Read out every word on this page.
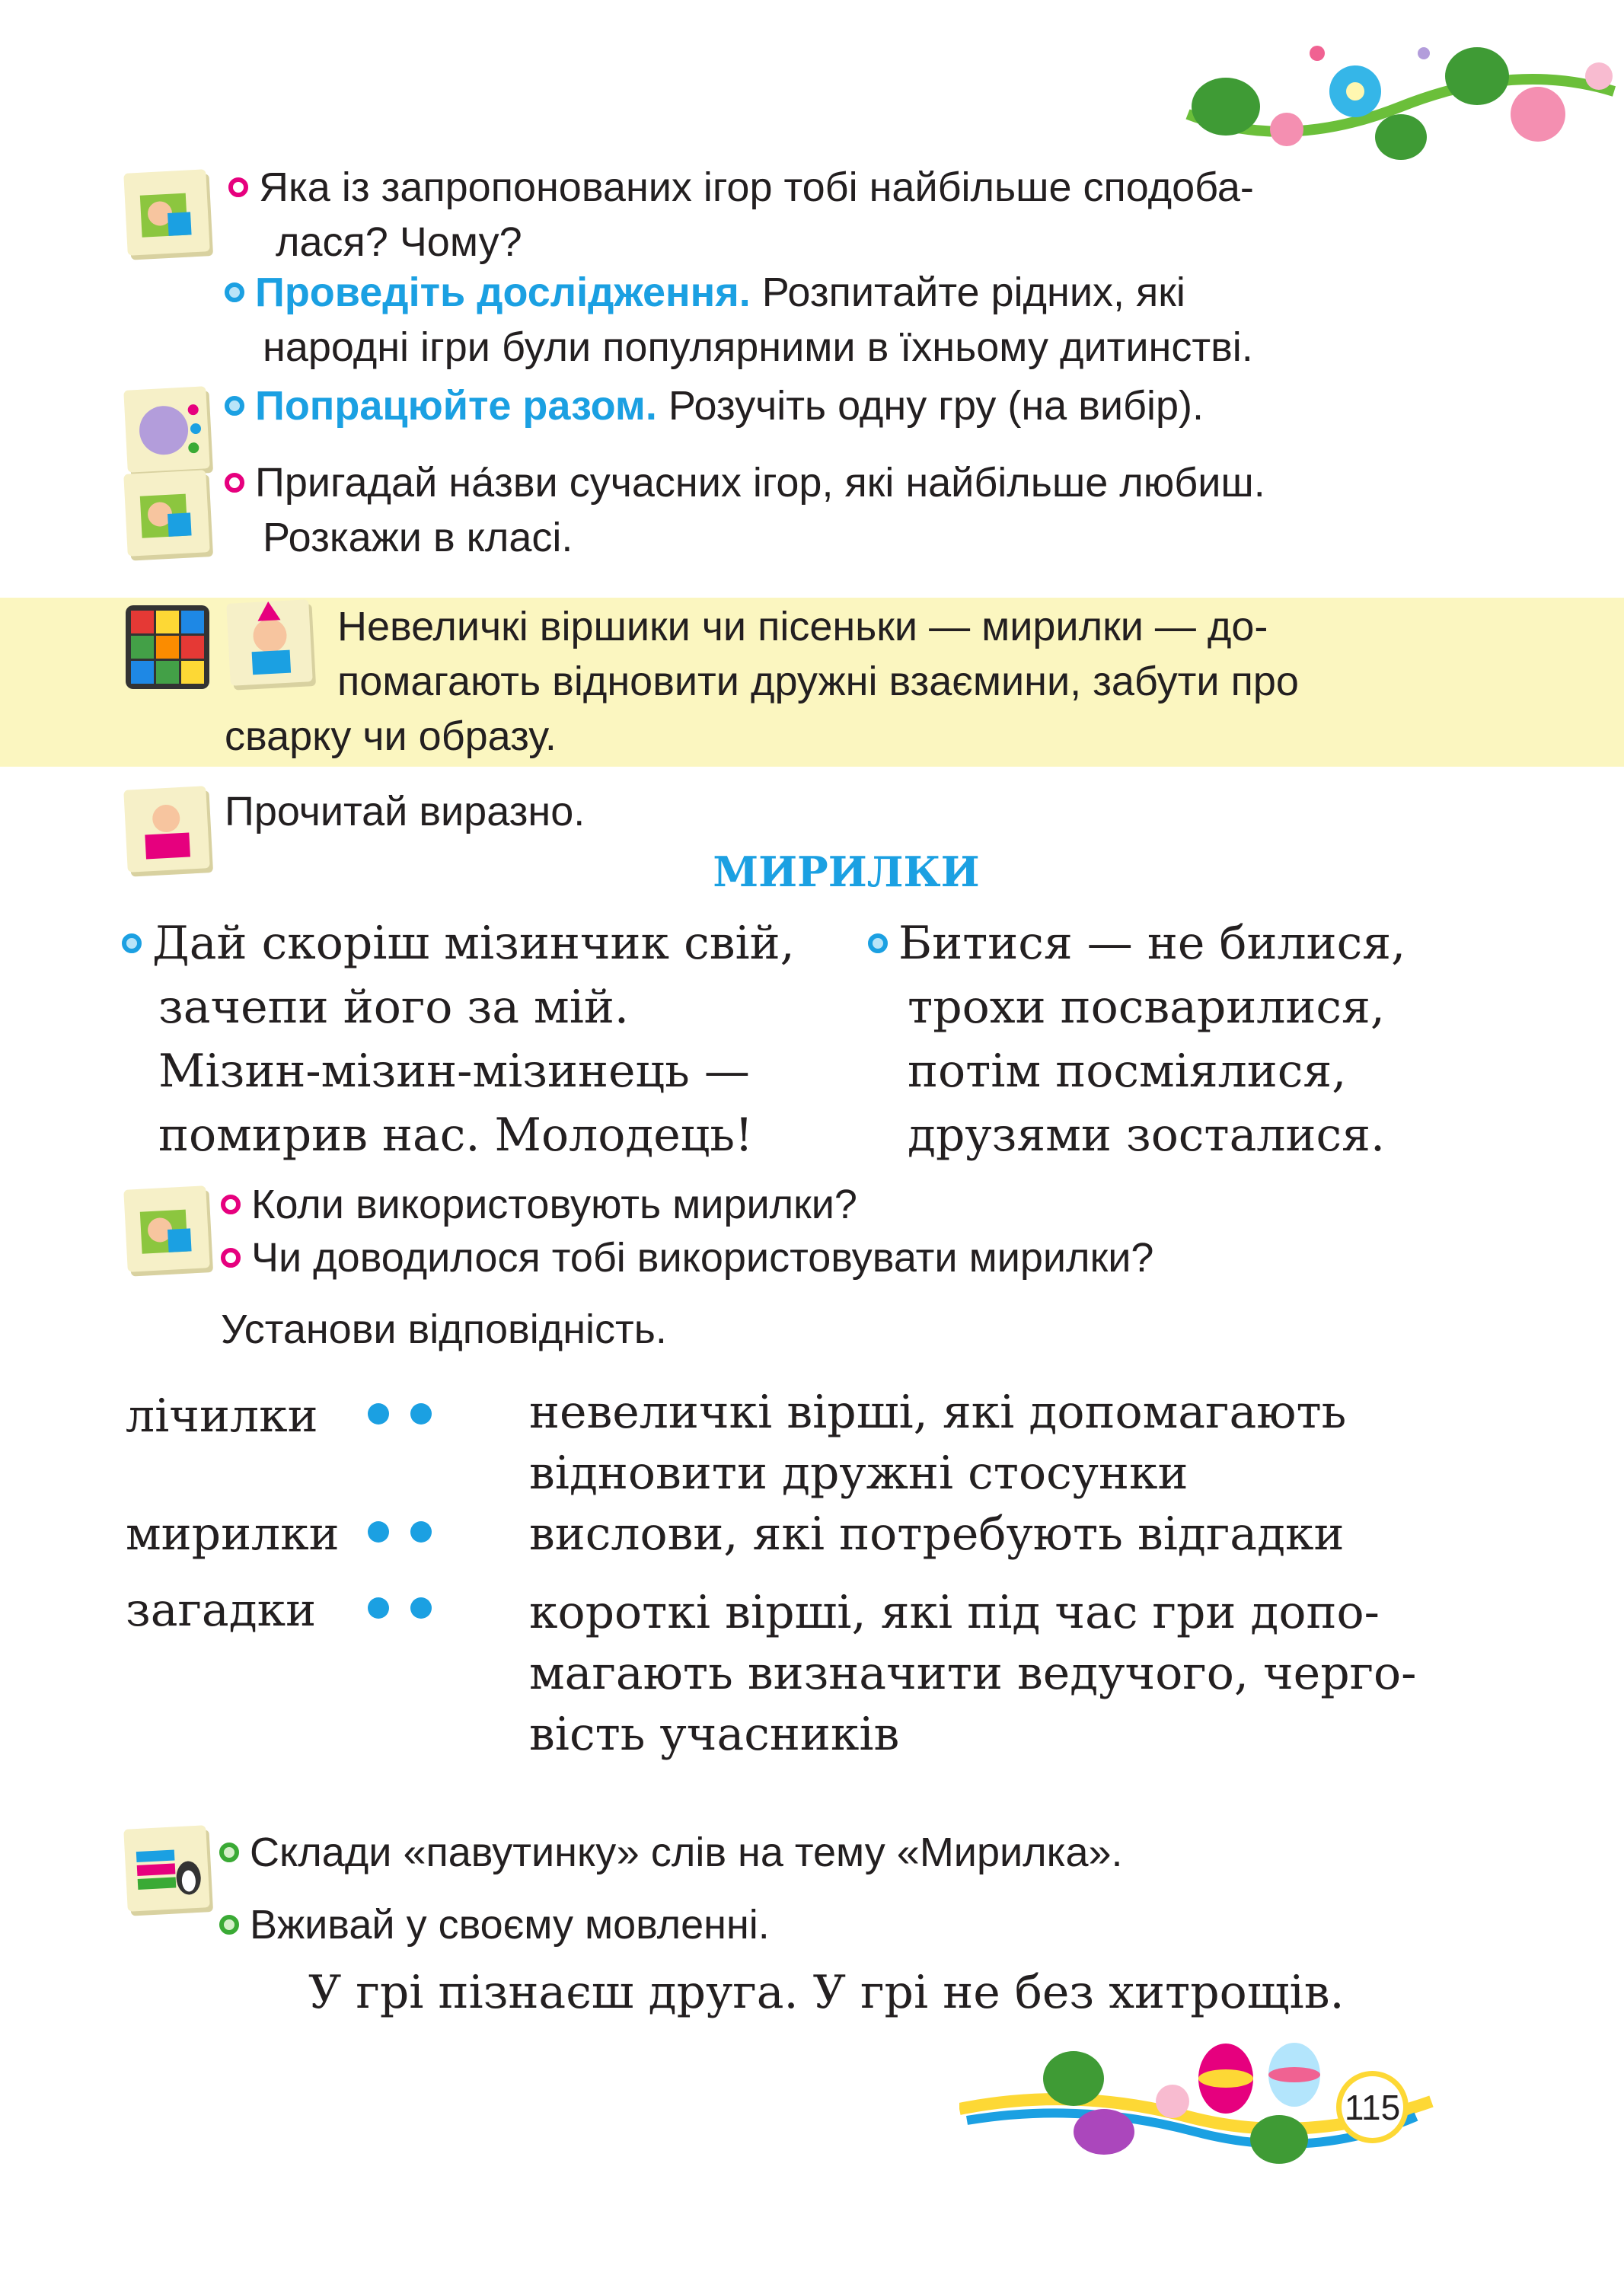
Яка із запропонованих ігор тобі найбільше сподоба-
лася? Чому?
Проведіть дослідження. Розпитайте рідних, які
народні ігри були популярними в їхньому дитинстві.
Попрацюйте разом. Розучіть одну гру (на вибір).
Пригадай на́зви сучасних ігор, які найбільше любиш.
Розкажи в класі.
Невеличкі віршики чи пісеньки — мирилки — до-
помагають відновити дружні взаємини, забути про
сварку чи образу.
Прочитай виразно.
МИРИЛКИ
Дай скоріш мізинчик свій,
зачепи його за мій.
Мізин-мізин-мізинець —
помирив нас. Молодець!
Битися — не билися,
трохи посварилися,
потім посміялися,
друзями зосталися.
Коли використовують мирилки?
Чи доводилося тобі використовувати мирилки?
Установи відповідність.
лічилки	невеличкі вірші, які допомагають
відновити дружні стосунки
мирилки	вислови, які потребують відгадки
загадки	короткі вірші, які під час гри допо-
магають визначити ведучого, черго-
вість учасників
Склади «павутинку» слів на тему «Мирилка».
Вживай у своєму мовленні.
У грі пізнаєш друга. У грі не без хитрощів.
115
